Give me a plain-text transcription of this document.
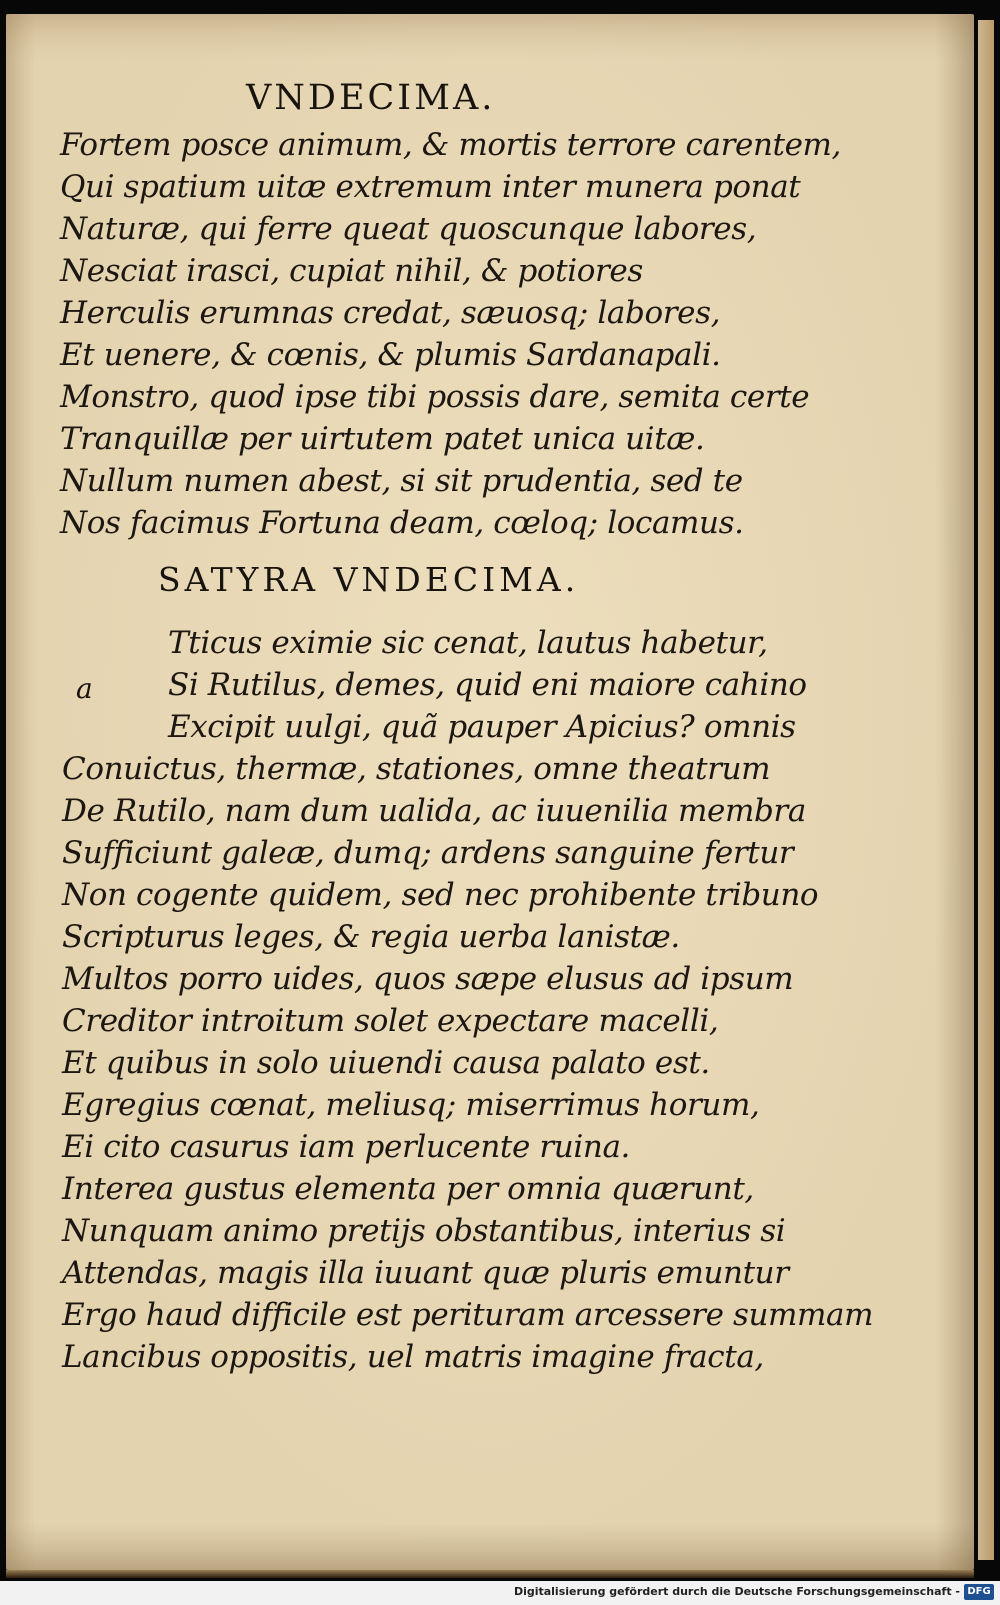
VNDECIMA.
Fortem posce animum, & mortis terrore carentem,
Qui spatium uitæ extremum inter munera ponat
Naturæ, qui ferre queat quoscunque labores,
Nesciat irasci, cupiat nihil, & potiores
Herculis erumnas credat, sæuosq; labores,
Et uenere, & cœnis, & plumis Sardanapali.
Monstro, quod ipse tibi possis dare, semita certe
Tranquillæ per uirtutem patet unica uitæ.
Nullum numen abest, si sit prudentia, sed te
Nos facimus Fortuna deam, cœloq; locamus.
SATYRA VNDECIMA.
a
Tticus eximie sic cenat, lautus habetur,
Si Rutilus, demes, quid eni maiore cahino
Excipit uulgi, quã pauper Apicius? omnis
Conuictus, thermæ, stationes, omne theatrum
De Rutilo, nam dum ualida, ac iuuenilia membra
Sufficiunt galeæ, dumq; ardens sanguine fertur
Non cogente quidem, sed nec prohibente tribuno
Scripturus leges, & regia uerba lanistæ.
Multos porro uides, quos sæpe elusus ad ipsum
Creditor introitum solet expectare macelli,
Et quibus in solo uiuendi causa palato est.
Egregius cœnat, meliusq; miserrimus horum,
Ei cito casurus iam perlucente ruina.
Interea gustus elementa per omnia quærunt,
Nunquam animo pretijs obstantibus, interius si
Attendas, magis illa iuuant quæ pluris emuntur
Ergo haud difficile est perituram arcessere summam
Lancibus oppositis, uel matris imagine fracta,
Digitalisierung gefördert durch die Deutsche Forschungsgemeinschaft - DFG
